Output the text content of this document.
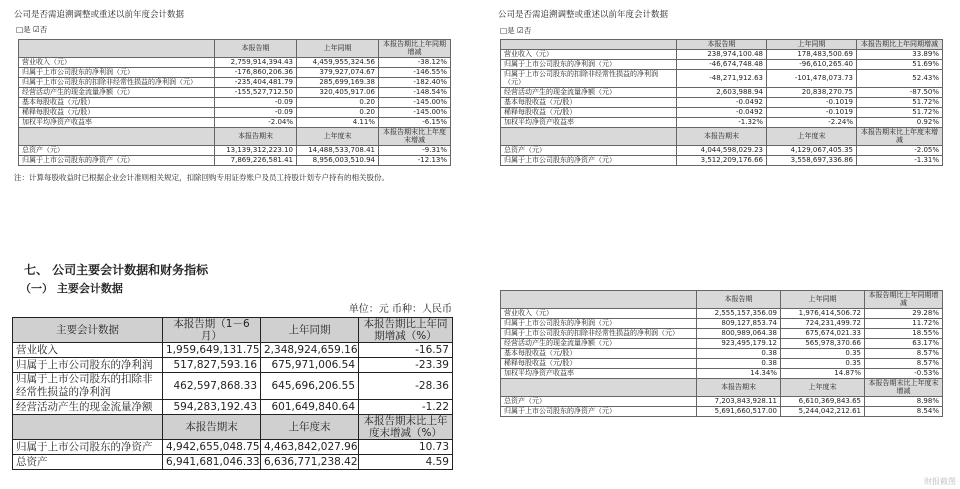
公司是否需追溯调整或重述以前年度会计数据
□是 ☑否
	本报告期	上年同期	本报告期比上年同期增减
营业收入（元）	2,759,914,394.43	4,459,955,324.56	-38.12%
归属于上市公司股东的净利润（元）	-176,860,206.36	379,927,074.67	-146.55%
归属于上市公司股东的扣除非经常性损益的净利润（元）	-235,404,481.79	285,699,169.38	-182.40%
经营活动产生的现金流量净额（元）	-155,527,712.50	320,405,917.06	-148.54%
基本每股收益（元/股）	-0.09	0.20	-145.00%
稀释每股收益（元/股）	-0.09	0.20	-145.00%
加权平均净资产收益率	-2.04%	4.11%	-6.15%
	本报告期末	上年度末	本报告期末比上年度末增减
总资产（元）	13,139,312,223.10	14,488,533,708.41	-9.31%
归属于上市公司股东的净资产（元）	7,869,226,581.41	8,956,003,510.94	-12.13%
注：计算每股收益时已根据企业会计准则相关规定，扣除回购专用证券账户及员工持股计划专户持有的相关股份。
公司是否需追溯调整或重述以前年度会计数据
□是 ☑否
	本报告期	上年同期	本报告期比上年同期增减
营业收入（元）	238,974,100.48	178,483,500.69	33.89%
归属于上市公司股东的净利润（元）	-46,674,748.48	-96,610,265.40	51.69%
归属于上市公司股东的扣除非经常性损益的净利润（元）	-48,271,912.63	-101,478,073.73	52.43%
经营活动产生的现金流量净额（元）	2,603,988.94	20,838,270.75	-87.50%
基本每股收益（元/股）	-0.0492	-0.1019	51.72%
稀释每股收益（元/股）	-0.0492	-0.1019	51.72%
加权平均净资产收益率	-1.32%	-2.24%	0.92%
	本报告期末	上年度末	本报告期末比上年度末增减
总资产（元）	4,044,598,029.23	4,129,067,405.35	-2.05%
归属于上市公司股东的净资产（元）	3,512,209,176.66	3,558,697,336.86	-1.31%
七、 公司主要会计数据和财务指标
（一） 主要会计数据
单位：元 币种：人民币
主要会计数据	本报告期（1－6月）	上年同期	本报告期比上年同期增减（%）
营业收入	1,959,649,131.75	2,348,924,659.16	-16.57
归属于上市公司股东的净利润	517,827,593.16	675,971,006.54	-23.39
归属于上市公司股东的扣除非经常性损益的净利润	462,597,868.33	645,696,206.55	-28.36
经营活动产生的现金流量净额	594,283,192.43	601,649,840.64	-1.22
	本报告期末	上年度末	本报告期末比上年度末增减（%）
归属于上市公司股东的净资产	4,942,655,048.75	4,463,842,027.96	10.73
总资产	6,941,681,046.33	6,636,771,238.42	4.59
	本报告期	上年同期	本报告期比上年同期增减
营业收入（元）	2,555,157,356.09	1,976,414,506.72	29.28%
归属于上市公司股东的净利润（元）	809,127,853.74	724,231,499.72	11.72%
归属于上市公司股东的扣除非经常性损益的净利润（元）	800,989,064.38	675,674,021.33	18.55%
经营活动产生的现金流量净额（元）	923,495,179.12	565,978,370.66	63.17%
基本每股收益（元/股）	0.38	0.35	8.57%
稀释每股收益（元/股）	0.38	0.35	8.57%
加权平均净资产收益率	14.34%	14.87%	-0.53%
	本报告期末	上年度末	本报告期末比上年度末增减
总资产（元）	7,203,843,928.11	6,610,369,843.65	8.98%
归属于上市公司股东的净资产（元）	5,691,660,517.00	5,244,042,212.61	8.54%
财报截图
